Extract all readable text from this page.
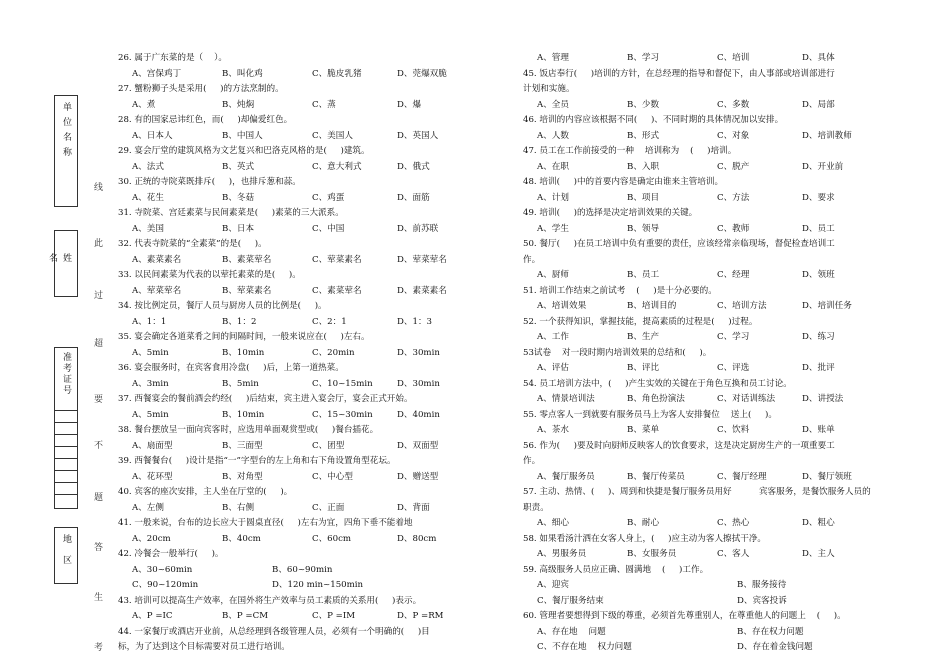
单位名称
姓名
准考证号
地区
线
此
过
超
要
不
题
答
生
考
26. 属于广东菜的是（    ）。
A、宫保鸡丁	B、叫化鸡	C、脆皮乳猪	D、莞爆双脆
27. 蟹粉狮子头是采用(     )的方法烹制的。
A、煮	B、炖焖	C、蒸	D、爆
28. 有的国家忌讳红色，而(     )却偏爱红色。
A、日本人	B、中国人	C、美国人	D、英国人
29. 宴会厅堂的建筑风格为文艺复兴和巴洛克风格的是(     )建筑。
A、法式	B、英式	C、意大利式	D、俄式
30. 正统的寺院菜既排斥(     )，也排斥葱和蒜。
A、花生	B、冬菇	C、鸡蛋	D、面筋
31. 寺院菜、宫廷素菜与民间素菜是(     )素菜的三大派系。
A、美国	B、日本	C、中国	D、前苏联
32. 代表寺院菜的“全素菜”的是(     )。
A、素菜素名	B、素菜荤名	C、荤菜素名	D、荤菜荤名
33. 以民间素菜为代表的以荤托素菜的是(     )。
A、荤菜荤名	B、荤菜素名	C、素菜荤名	D、素菜素名
34. 按比例定员，餐厅人员与厨房人员的比例是(     )。
A、1：1	B、1：2	C、2：1	D、1：3
35. 宴会确定各道菜肴之间的间隔时间，一般来说应在(     )左右。
A、5min	B、10min	C、20min	D、30min
36. 宴会服务时，在宾客食用冷盘(     )后，上第一道热菜。
A、3min	B、5min	C、10~15min	D、30min
37. 西餐宴会的餐前酒会约经(     )后结束，宾主进入宴会厅，宴会正式开始。
A、5min	B、10min	C、15~30min	D、40min
38. 餐台摆放呈一面向宾客时，应选用单面观赏型或(     )餐台插花。
A、扇面型	B、三面型	C、团型	D、双面型
39. 西餐餐台(     )设计是指“一”字型台的左上角和右下角设置角型花坛。
A、花环型	B、对角型	C、中心型	D、赠送型
40. 宾客的座次安排，主人坐在厅堂的(     )。
A、左侧	B、右侧	C、正面	D、背面
41. 一般来说，台布的边长应大于圆桌直径(     )左右为宜，四角下垂不能着地
A、20cm	B、40cm	C、60cm	D、80cm
42. 冷餐会一般举行(     )。
A、30~60min	B、60~90min
C、90~120min	D、120 min~150min
43. 培训可以提高生产效率，在国外将生产效率与员工素质的关系用(     )表示。
A、P =IC	B、P =CM	C、P =IM	D、P =RM
44. 一家餐厅或酒店开业前，从总经理到各级管理人员，必须有一个明确的(     )目
标，为了达到这个目标需要对员工进行培训。
A、管理	B、学习	C、培训	D、具体
45. 饭店奉行(     )培训的方针，在总经理的指导和督促下，由人事部或培训部进行
计划和实施。
A、全员	B、少数	C、多数	D、局部
46. 培训的内容应该根据不同(     )、不同时期的具体情况加以安排。
A、人数	B、形式	C、对象	D、培训教师
47. 员工在工作前接受的一种    培训称为    (     )培训。
A、在职	B、入职	C、脱产	D、开业前
48. 培训(     )中的首要内容是确定由谁来主管培训。
A、计划	B、项目	C、方法	D、要求
49. 培训(     )的选择是决定培训效果的关键。
A、学生	B、领导	C、教师	D、员工
50. 餐厅(     )在员工培训中负有重要的责任，应该经常亲临现场，督促检查培训工
作。
A、厨师	B、员工	C、经理	D、领班
51. 培训工作结束之前试考    (     )是十分必要的。
A、培训效果	B、培训目的	C、培训方法	D、培训任务
52. 一个获得知识，掌握技能，提高素质的过程是(     )过程。
A、工作	B、生产	C、学习	D、练习
53试卷    对一段时期内培训效果的总结和(     )。
A、评估	B、评比	C、评选	D、批评
54. 员工培训方法中，(     )产生实效的关键在于角色互换和员工讨论。
A、情景培训法	B、角色扮演法	C、对话训练法	D、讲授法
55. 零点客人一到就要有服务员马上为客人安排餐位    送上(     )。
A、茶水	B、菜单	C、饮料	D、账单
56. 作为(     )要及时向厨师反映客人的饮食要求，这是决定厨房生产的一项重要工
作。
A、餐厅服务员	B、餐厅传菜员	C、餐厅经理	D、餐厅领班
57. 主动、热情、(     )、周到和快捷是餐厅服务员用好          宾客服务，是餐饮服务人员的
职责。
A、细心	B、耐心	C、热心	D、粗心
58. 如果看汤汁洒在女客人身上，(     )应主动为客人擦拭干净。
A、男服务员	B、女服务员	C、客人	D、主人
59. 高级服务人员应正确、圆满地    (     )工作。
A、迎宾	B、服务接待
C、餐厅服务结束	D、宾客投诉
60. 管理者要想得到下级的尊重，必须首先尊重别人，在尊重他人的问题上    (     )。
A、存在地    问题	B、存在权力问题
C、不存在地    权力问题	D、存在着金钱问题
